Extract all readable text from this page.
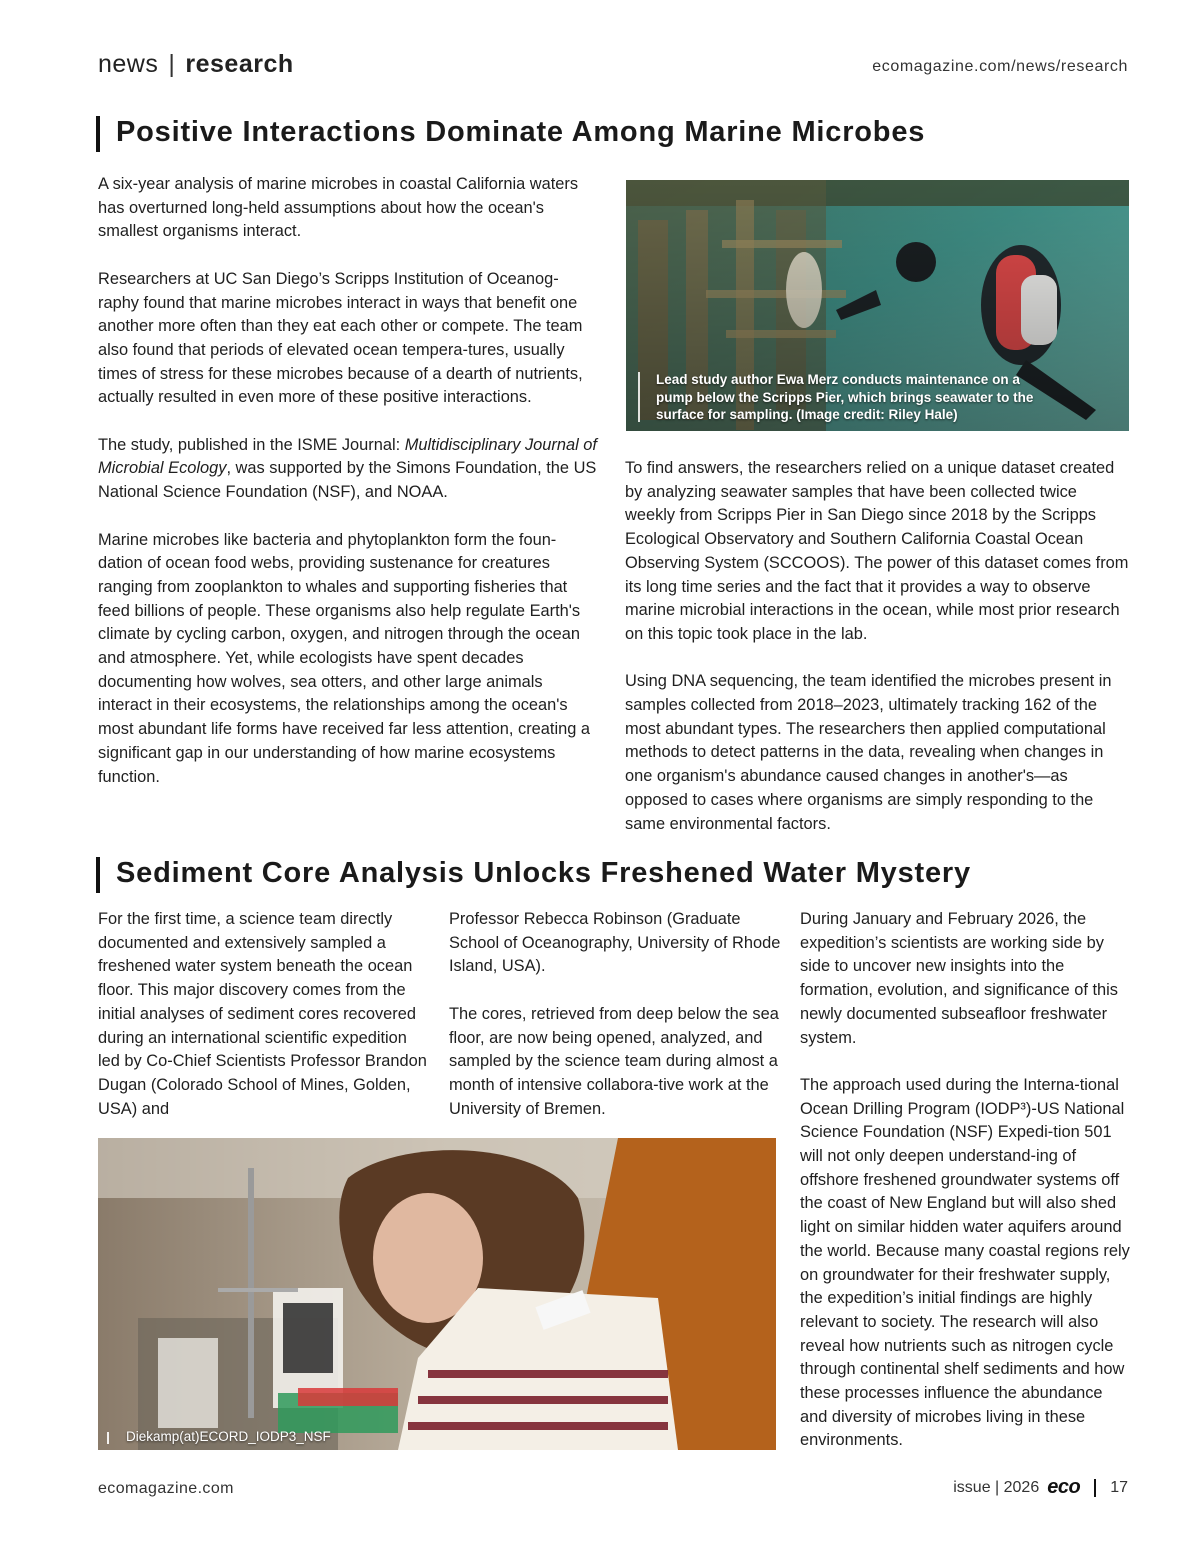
news | research	ecomagazine.com/news/research
Positive Interactions Dominate Among Marine Microbes

A six-year analysis of marine microbes in coastal California waters has overturned long-held assumptions about how the ocean's smallest organisms interact.

Researchers at UC San Diego’s Scripps Institution of Oceanog-raphy found that marine microbes interact in ways that benefit one another more often than they eat each other or compete. The team also found that periods of elevated ocean tempera-tures, usually times of stress for these microbes because of a dearth of nutrients, actually resulted in even more of these positive interactions.

The study, published in the ISME Journal: Multidisciplinary Journal of Microbial Ecology, was supported by the Simons Foundation, the US National Science Foundation (NSF), and NOAA.

Marine microbes like bacteria and phytoplankton form the foun-dation of ocean food webs, providing sustenance for creatures ranging from zooplankton to whales and supporting fisheries that feed billions of people. These organisms also help regulate Earth's climate by cycling carbon, oxygen, and nitrogen through the ocean and atmosphere. Yet, while ecologists have spent decades documenting how wolves, sea otters, and other large animals interact in their ecosystems, the relationships among the ocean's most abundant life forms have received far less attention, creating a significant gap in our understanding of how marine ecosystems function.

Lead study author Ewa Merz conducts maintenance on a pump below the Scripps Pier, which brings seawater to the surface for sampling. (Image credit: Riley Hale)

To find answers, the researchers relied on a unique dataset created by analyzing seawater samples that have been collected twice weekly from Scripps Pier in San Diego since 2018 by the Scripps Ecological Observatory and Southern California Coastal Ocean Observing System (SCCOOS). The power of this dataset comes from its long time series and the fact that it provides a way to observe marine microbial interactions in the ocean, while most prior research on this topic took place in the lab.

Using DNA sequencing, the team identified the microbes present in samples collected from 2018–2023, ultimately tracking 162 of the most abundant types. The researchers then applied computational methods to detect patterns in the data, revealing when changes in one organism's abundance caused changes in another's—as opposed to cases where organisms are simply responding to the same environmental factors.

Sediment Core Analysis Unlocks Freshened Water Mystery

For the first time, a science team directly documented and extensively sampled a freshened water system beneath the ocean floor. This major discovery comes from the initial analyses of sediment cores recovered during an international scientific expedition led by Co-Chief Scientists Professor Brandon Dugan (Colorado School of Mines, Golden, USA) and

Professor Rebecca Robinson (Graduate School of Oceanography, University of Rhode Island, USA).

The cores, retrieved from deep below the sea floor, are now being opened, analyzed, and sampled by the science team during almost a month of intensive collabora-tive work at the University of Bremen.

During January and February 2026, the expedition’s scientists are working side by side to uncover new insights into the formation, evolution, and significance of this newly documented subseafloor freshwater system.

The approach used during the Interna-tional Ocean Drilling Program (IODP³)-US National Science Foundation (NSF) Expedi-tion 501 will not only deepen understand-ing of offshore freshened groundwater systems off the coast of New England but will also shed light on similar hidden water aquifers around the world. Because many coastal regions rely on groundwater for their freshwater supply, the expedition’s initial findings are highly relevant to society. The research will also reveal how nutrients such as nitrogen cycle through continental shelf sediments and how these processes influence the abundance and diversity of microbes living in these environments.

Diekamp(at)ECORD_IODP3_NSF
ecomagazine.com	issue | 2026 eco 17
